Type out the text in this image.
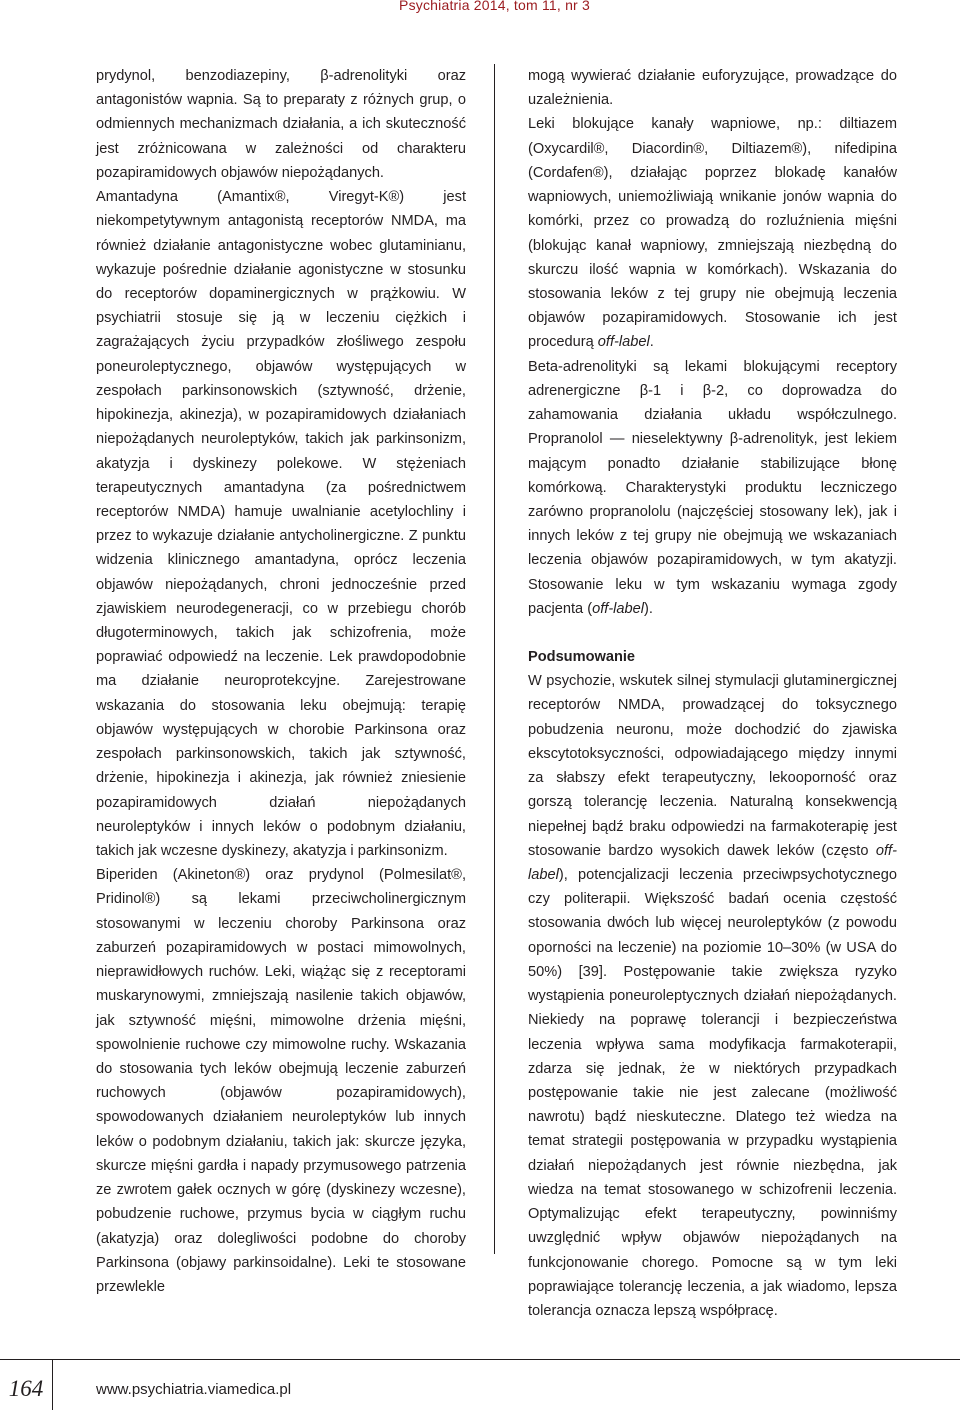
Psychiatria 2014, tom 11, nr 3

prydynol, benzodiazepiny, β-adrenolityki oraz antagonistów wapnia. Są to preparaty z różnych grup, o odmiennych mechanizmach działania, a ich skuteczność jest zróżnicowana w zależności od charakteru pozapiramidowych objawów niepożądanych.

Amantadyna (Amantix®, Viregyt-K®) jest niekompetytywnym antagonistą receptorów NMDA, ma również działanie antagonistyczne wobec glutaminianu, wykazuje pośrednie działanie agonistyczne w stosunku do receptorów dopaminergicznych w prążkowiu. W psychiatrii stosuje się ją w leczeniu ciężkich i zagrażających życiu przypadków złośliwego zespołu poneuroleptycznego, objawów występujących w zespołach parkinsonowskich (sztywność, drżenie, hipokinezja, akinezja), w pozapiramidowych działaniach niepożądanych neuroleptyków, takich jak parkinsonizm, akatyzja i dyskinezy polekowe. W stężeniach terapeutycznych amantadyna (za pośrednictwem receptorów NMDA) hamuje uwalnianie acetylochliny i przez to wykazuje działanie antycholinergiczne. Z punktu widzenia klinicznego amantadyna, oprócz leczenia objawów niepożądanych, chroni jednocześnie przed zjawiskiem neurodegeneracji, co w przebiegu chorób długoterminowych, takich jak schizofrenia, może poprawiać odpowiedź na leczenie. Lek prawdopodobnie ma działanie neuroprotekcyjne. Zarejestrowane wskazania do stosowania leku obejmują: terapię objawów występujących w chorobie Parkinsona oraz zespołach parkinsonowskich, takich jak sztywność, drżenie, hipokinezja i akinezja, jak również zniesienie pozapiramidowych działań niepożądanych neuroleptyków i innych leków o podobnym działaniu, takich jak wczesne dyskinezy, akatyzja i parkinsonizm.

Biperiden (Akineton®) oraz prydynol (Polmesilat®, Pridinol®) są lekami przeciwcholinergicznym stosowanymi w leczeniu choroby Parkinsona oraz zaburzeń pozapiramidowych w postaci mimowolnych, nieprawidłowych ruchów. Leki, wiążąc się z receptorami muskarynowymi, zmniejszają nasilenie takich objawów, jak sztywność mięśni, mimowolne drżenia mięśni, spowolnienie ruchowe czy mimowolne ruchy. Wskazania do stosowania tych leków obejmują leczenie zaburzeń ruchowych (objawów pozapiramidowych), spowodowanych działaniem neuroleptyków lub innych leków o podobnym działaniu, takich jak: skurcze języka, skurcze mięśni gardła i napady przymusowego patrzenia ze zwrotem gałek ocznych w górę (dyskinezy wczesne), pobudzenie ruchowe, przymus bycia w ciągłym ruchu (akatyzja) oraz dolegliwości podobne do choroby Parkinsona (objawy parkinsoidalne). Leki te stosowane przewlekle

mogą wywierać działanie euforyzujące, prowadzące do uzależnienia.

Leki blokujące kanały wapniowe, np.: diltiazem (Oxycardil®, Diacordin®, Diltiazem®), nifedipina (Cordafen®), działając poprzez blokadę kanałów wapniowych, uniemożliwiają wnikanie jonów wapnia do komórki, przez co prowadzą do rozluźnienia mięśni (blokując kanał wapniowy, zmniejszają niezbędną do skurczu ilość wapnia w komórkach). Wskazania do stosowania leków z tej grupy nie obejmują leczenia objawów pozapiramidowych. Stosowanie ich jest procedurą off-label.

Beta-adrenolityki są lekami blokującymi receptory adrenergiczne β-1 i β-2, co doprowadza do zahamowania działania układu współczulnego. Propranolol — nieselektywny β-adrenolityk, jest lekiem mającym ponadto działanie stabilizujące błonę komórkową. Charakterystyki produktu leczniczego zarówno propranololu (najczęściej stosowany lek), jak i innych leków z tej grupy nie obejmują we wskazaniach leczenia objawów pozapiramidowych, w tym akatyzji. Stosowanie leku w tym wskazaniu wymaga zgody pacjenta (off-label).

Podsumowanie

W psychozie, wskutek silnej stymulacji glutaminergicznej receptorów NMDA, prowadzącej do toksycznego pobudzenia neuronu, może dochodzić do zjawiska ekscytotoksyczności, odpowiadającego między innymi za słabszy efekt terapeutyczny, lekooporność oraz gorszą tolerancję leczenia. Naturalną konsekwencją niepełnej bądź braku odpowiedzi na farmakoterapię jest stosowanie bardzo wysokich dawek leków (często off-label), potencjalizacji leczenia przeciwpsychotycznego czy politerapii. Większość badań ocenia częstość stosowania dwóch lub więcej neuroleptyków (z powodu oporności na leczenie) na poziomie 10–30% (w USA do 50%) [39]. Postępowanie takie zwiększa ryzyko wystąpienia poneuroleptycznych działań niepożądanych. Niekiedy na poprawę tolerancji i bezpieczeństwa leczenia wpływa sama modyfikacja farmakoterapii, zdarza się jednak, że w niektórych przypadkach postępowanie takie nie jest zalecane (możliwość nawrotu) bądź nieskuteczne. Dlatego też wiedza na temat strategii postępowania w przypadku wystąpienia działań niepożądanych jest równie niezbędna, jak wiedza na temat stosowanego w schizofrenii leczenia. Optymalizując efekt terapeutyczny, powinniśmy uwzględnić wpływ objawów niepożądanych na funkcjonowanie chorego. Pomocne są w tym leki poprawiające tolerancję leczenia, a jak wiadomo, lepsza tolerancja oznacza lepszą współpracę.

164	www.psychiatria.viamedica.pl
